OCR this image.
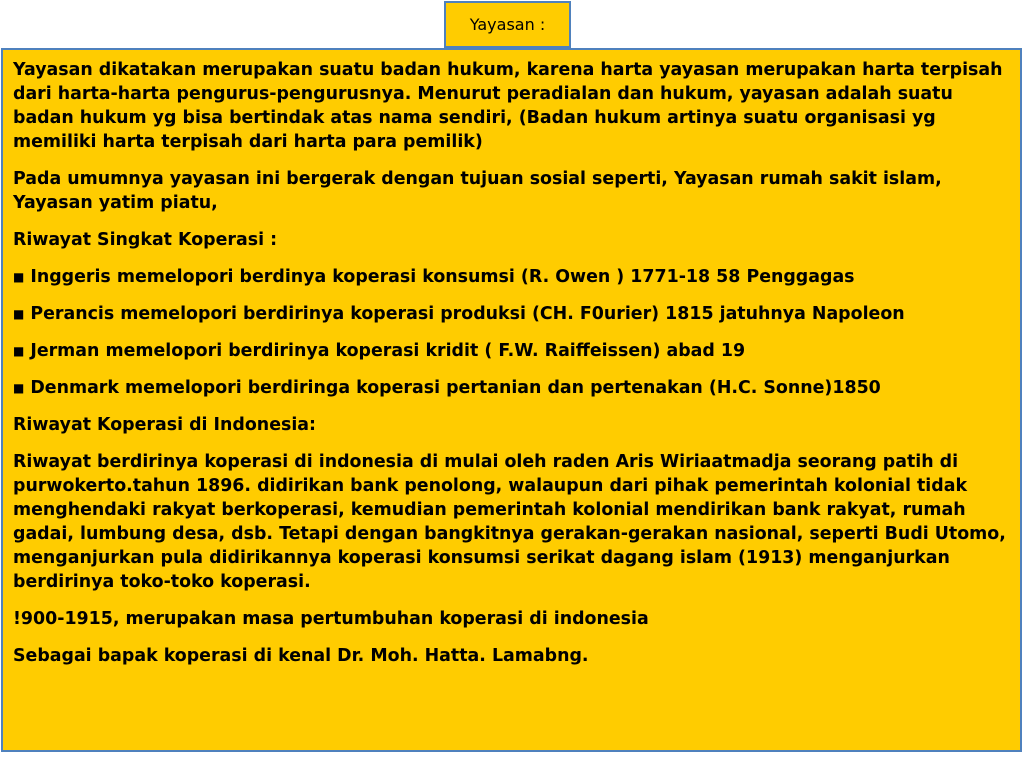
Yayasan :

Yayasan dikatakan merupakan suatu badan hukum, karena harta yayasan merupakan harta terpisah dari harta-harta pengurus-pengurusnya. Menurut peradialan dan hukum, yayasan adalah suatu badan hukum yg bisa bertindak atas nama sendiri, (Badan hukum artinya suatu organisasi yg memiliki harta terpisah dari harta para pemilik)

Pada umumnya yayasan ini bergerak dengan tujuan sosial seperti, Yayasan rumah sakit islam, Yayasan yatim piatu,

Riwayat Singkat Koperasi :

■ Inggeris memelopori berdinya koperasi konsumsi (R. Owen ) 1771-18 58 Penggagas
■ Perancis memelopori berdirinya koperasi produksi (CH. F0urier) 1815 jatuhnya Napoleon
■ Jerman memelopori berdirinya koperasi kridit ( F.W. Raiffeissen) abad 19
■ Denmark memelopori berdiringa koperasi pertanian dan pertenakan (H.C. Sonne)1850

Riwayat Koperasi di Indonesia:

Riwayat berdirinya koperasi di indonesia di mulai oleh raden Aris Wiriaatmadja seorang patih di purwokerto.tahun 1896. didirikan bank penolong, walaupun dari pihak pemerintah kolonial tidak menghendaki rakyat berkoperasi, kemudian pemerintah kolonial mendirikan bank rakyat, rumah gadai, lumbung desa, dsb. Tetapi dengan bangkitnya gerakan-gerakan nasional, seperti Budi Utomo, menganjurkan pula didirikannya koperasi konsumsi serikat dagang islam (1913) menganjurkan berdirinya toko-toko koperasi.

!900-1915, merupakan masa pertumbuhan koperasi di indonesia

Sebagai bapak koperasi di kenal Dr. Moh. Hatta. Lamabng.
